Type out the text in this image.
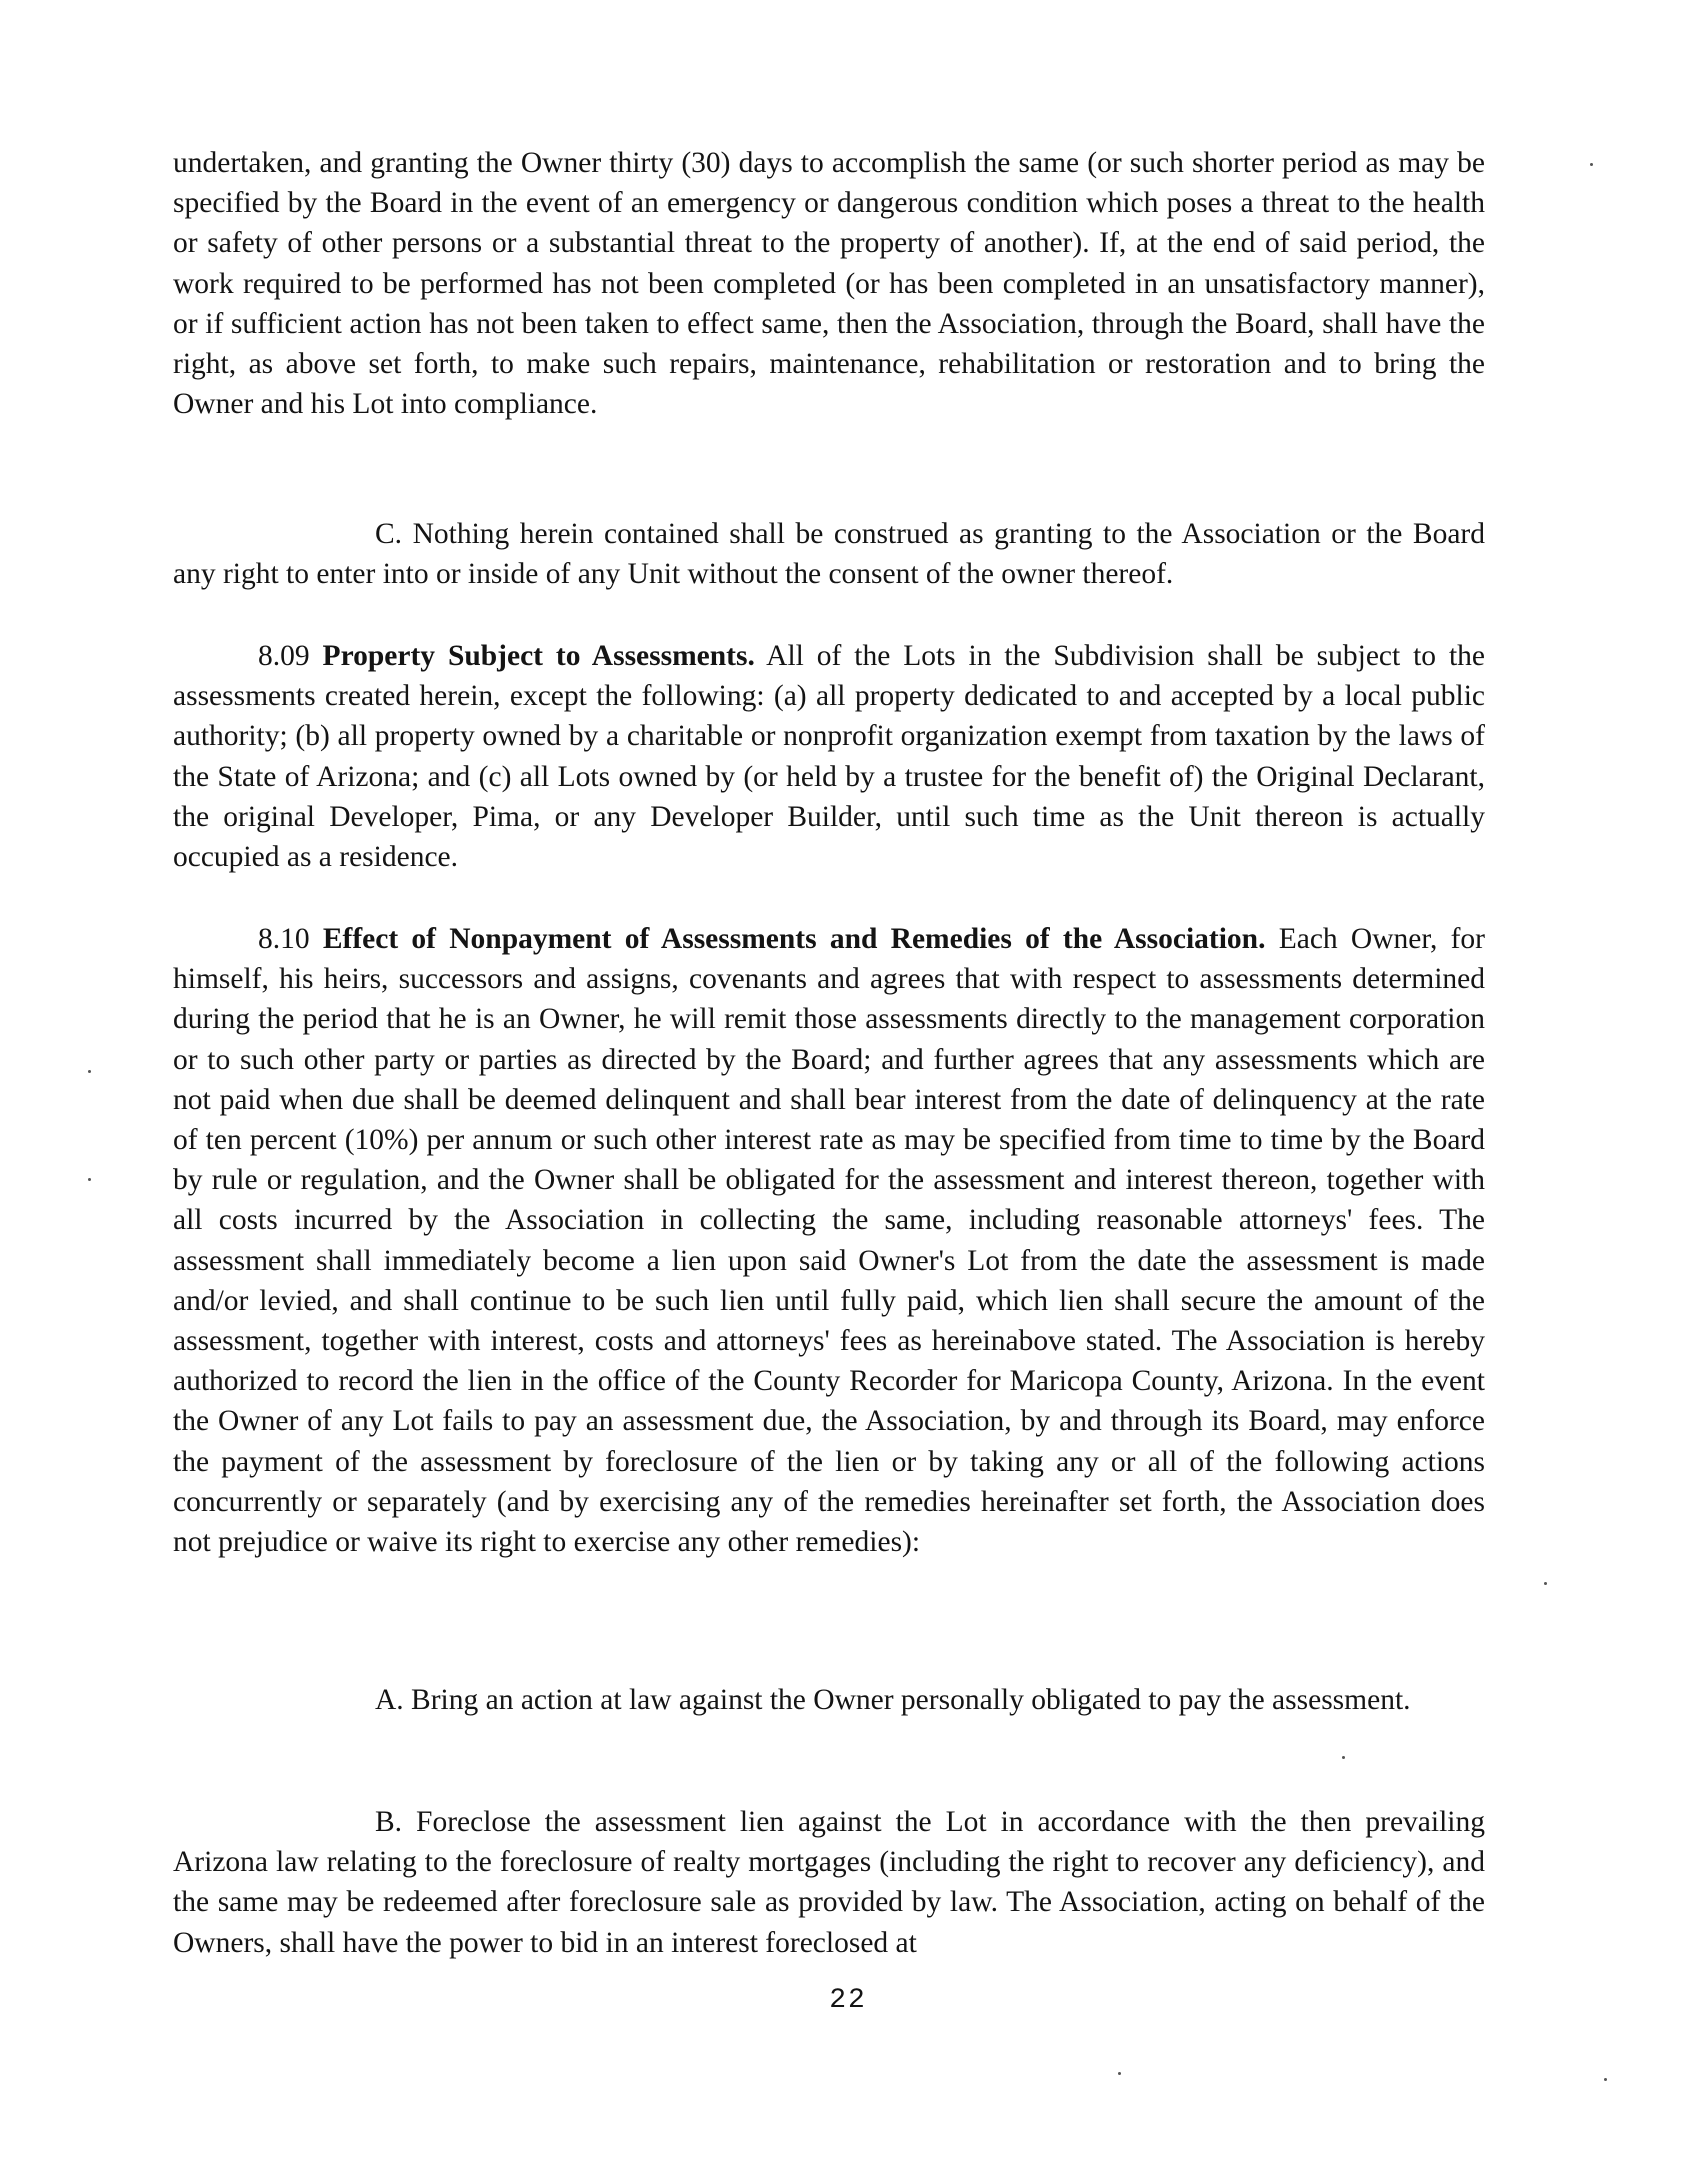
undertaken, and granting the Owner thirty (30) days to accomplish the same (or such shorter period as may be specified by the Board in the event of an emergency or dangerous condition which poses a threat to the health or safety of other persons or a substantial threat to the property of another). If, at the end of said period, the work required to be performed has not been completed (or has been completed in an unsatisfactory manner), or if sufficient action has not been taken to effect same, then the Association, through the Board, shall have the right, as above set forth, to make such repairs, maintenance, rehabilitation or restoration and to bring the Owner and his Lot into compliance.

C. Nothing herein contained shall be construed as granting to the Association or the Board any right to enter into or inside of any Unit without the consent of the owner thereof.

8.09 Property Subject to Assessments. All of the Lots in the Subdivision shall be subject to the assessments created herein, except the following: (a) all property dedicated to and accepted by a local public authority; (b) all property owned by a charitable or nonprofit organization exempt from taxation by the laws of the State of Arizona; and (c) all Lots owned by (or held by a trustee for the benefit of) the Original Declarant, the original Developer, Pima, or any Developer Builder, until such time as the Unit thereon is actually occupied as a residence.

8.10 Effect of Nonpayment of Assessments and Remedies of the Association. Each Owner, for himself, his heirs, successors and assigns, covenants and agrees that with respect to assessments determined during the period that he is an Owner, he will remit those assessments directly to the management corporation or to such other party or parties as directed by the Board; and further agrees that any assessments which are not paid when due shall be deemed delinquent and shall bear interest from the date of delinquency at the rate of ten percent (10%) per annum or such other interest rate as may be specified from time to time by the Board by rule or regulation, and the Owner shall be obligated for the assessment and interest thereon, together with all costs incurred by the Association in collecting the same, including reasonable attorneys' fees. The assessment shall immediately become a lien upon said Owner's Lot from the date the assessment is made and/or levied, and shall continue to be such lien until fully paid, which lien shall secure the amount of the assessment, together with interest, costs and attorneys' fees as hereinabove stated. The Association is hereby authorized to record the lien in the office of the County Recorder for Maricopa County, Arizona. In the event the Owner of any Lot fails to pay an assessment due, the Association, by and through its Board, may enforce the payment of the assessment by foreclosure of the lien or by taking any or all of the following actions concurrently or separately (and by exercising any of the remedies hereinafter set forth, the Association does not prejudice or waive its right to exercise any other remedies):

A. Bring an action at law against the Owner personally obligated to pay the assessment.

B. Foreclose the assessment lien against the Lot in accordance with the then prevailing Arizona law relating to the foreclosure of realty mortgages (including the right to recover any deficiency), and the same may be redeemed after foreclosure sale as provided by law. The Association, acting on behalf of the Owners, shall have the power to bid in an interest foreclosed at

22
